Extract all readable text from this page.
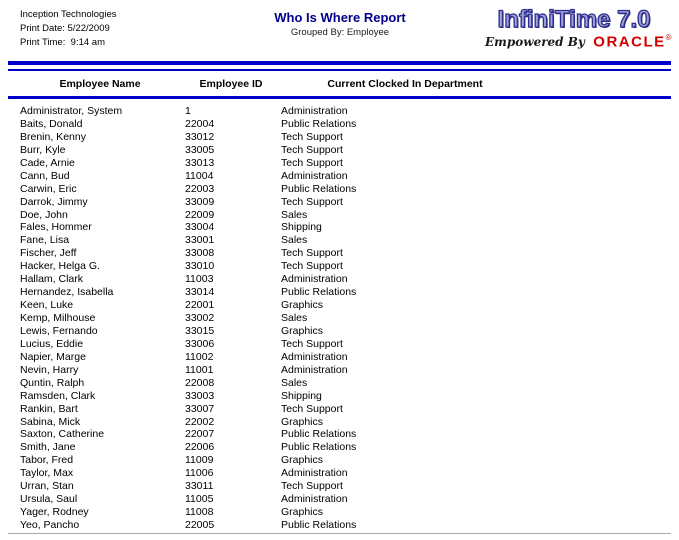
Inception Technologies
Print Date: 5/22/2009
Print Time:  9:14 am
Who Is Where Report
Grouped By: Employee	InfiniTime 7.0
Empowered By ORACLE®
Employee Name	Employee ID	Current Clocked In Department
Administrator, System	1	Administration
Baits, Donald	22004	Public Relations
Brenin, Kenny	33012	Tech Support
Burr, Kyle	33005	Tech Support
Cade, Arnie	33013	Tech Support
Cann, Bud	11004	Administration
Carwin, Eric	22003	Public Relations
Darrok, Jimmy	33009	Tech Support
Doe, John	22009	Sales
Fales, Hommer	33004	Shipping
Fane, Lisa	33001	Sales
Fischer, Jeff	33008	Tech Support
Hacker, Helga G.	33010	Tech Support
Hallam, Clark	11003	Administration
Hernandez, Isabella	33014	Public Relations
Keen, Luke	22001	Graphics
Kemp, Milhouse	33002	Sales
Lewis, Fernando	33015	Graphics
Lucius, Eddie	33006	Tech Support
Napier, Marge	11002	Administration
Nevin, Harry	11001	Administration
Quntin, Ralph	22008	Sales
Ramsden, Clark	33003	Shipping
Rankin, Bart	33007	Tech Support
Sabina, Mick	22002	Graphics
Saxton, Catherine	22007	Public Relations
Smith, Jane	22006	Public Relations
Tabor, Fred	11009	Graphics
Taylor, Max	11006	Administration
Urran, Stan	33011	Tech Support
Ursula, Saul	11005	Administration
Yager, Rodney	11008	Graphics
Yeo, Pancho	22005	Public Relations
